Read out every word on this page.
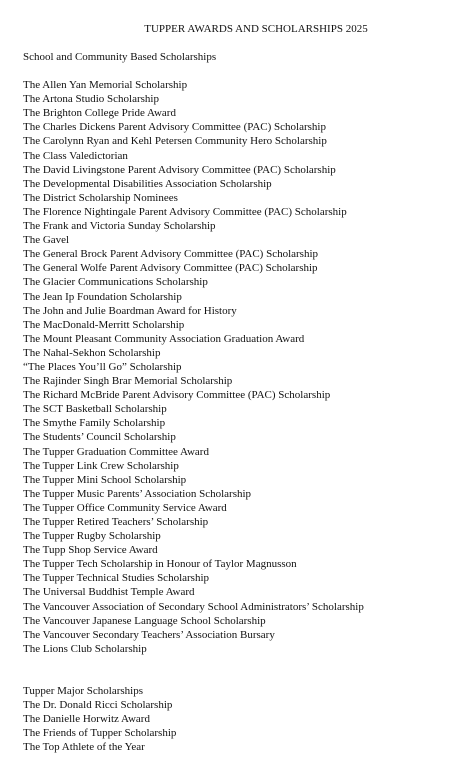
TUPPER AWARDS AND SCHOLARSHIPS 2025

School and Community Based Scholarships

The Allen Yan Memorial Scholarship
The Artona Studio Scholarship
The Brighton College Pride Award
The Charles Dickens Parent Advisory Committee (PAC) Scholarship
The Carolynn Ryan and Kehl Petersen Community Hero Scholarship
The Class Valedictorian
The David Livingstone Parent Advisory Committee (PAC) Scholarship
The Developmental Disabilities Association Scholarship
The District Scholarship Nominees
The Florence Nightingale Parent Advisory Committee (PAC) Scholarship
The Frank and Victoria Sunday Scholarship
The Gavel
The General Brock Parent Advisory Committee (PAC) Scholarship
The General Wolfe Parent Advisory Committee (PAC) Scholarship
The Glacier Communications Scholarship
The Jean Ip Foundation Scholarship
The John and Julie Boardman Award for History
The MacDonald-Merritt Scholarship
The Mount Pleasant Community Association Graduation Award
The Nahal-Sekhon Scholarship
“The Places You’ll Go” Scholarship
The Rajinder Singh Brar Memorial Scholarship
The Richard McBride Parent Advisory Committee (PAC) Scholarship
The SCT Basketball Scholarship
The Smythe Family Scholarship
The Students’ Council Scholarship
The Tupper Graduation Committee Award
The Tupper Link Crew Scholarship
The Tupper Mini School Scholarship
The Tupper Music Parents’ Association Scholarship
The Tupper Office Community Service Award
The Tupper Retired Teachers’ Scholarship
The Tupper Rugby Scholarship
The Tupp Shop Service Award
The Tupper Tech Scholarship in Honour of Taylor Magnusson
The Tupper Technical Studies Scholarship
The Universal Buddhist Temple Award
The Vancouver Association of Secondary School Administrators’ Scholarship
The Vancouver Japanese Language School Scholarship
The Vancouver Secondary Teachers’ Association Bursary
The Lions Club Scholarship

Tupper Major Scholarships

The Dr. Donald Ricci Scholarship
The Danielle Horwitz Award
The Friends of Tupper Scholarship
The Top Athlete of the Year
